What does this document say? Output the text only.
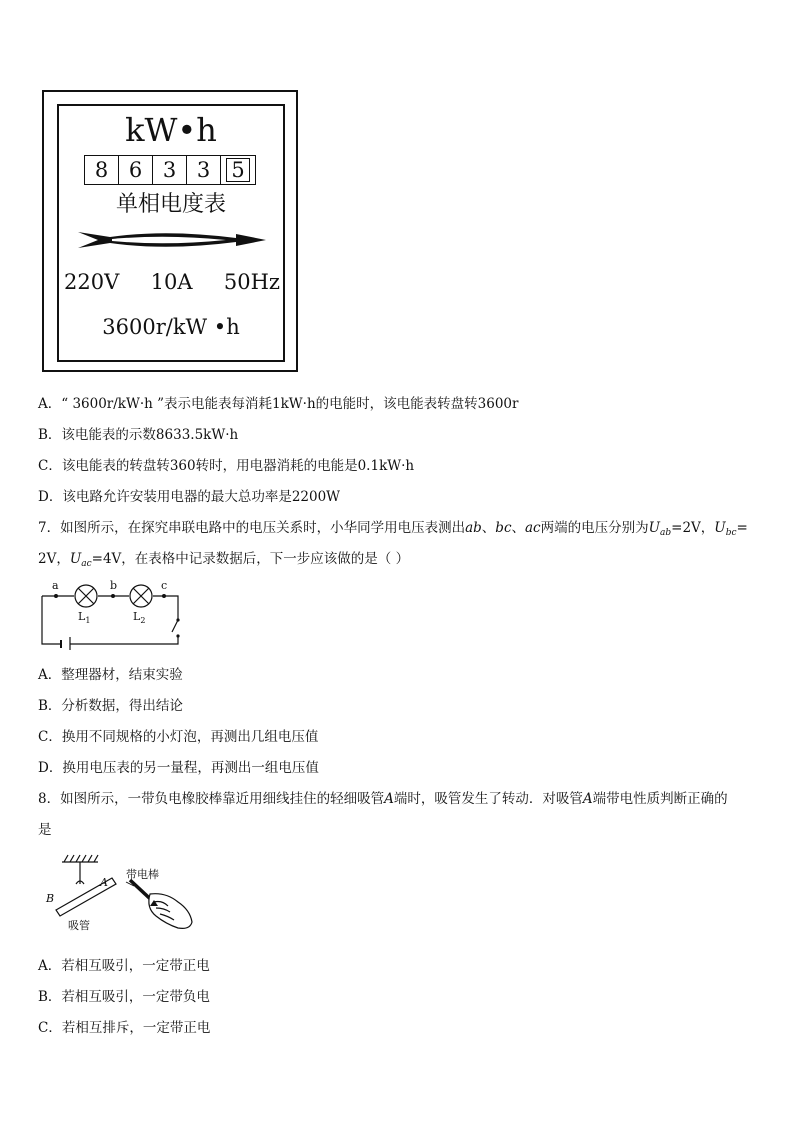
kW•h
8 6 3 3	5
单相电度表
220V 10A 50Hz
3600r/kW •h
A．“ 3600r/kW·h ”表示电能表每消耗1kW·h的电能时，该电能表转盘转3600r
B．该电能表的示数8633.5kW·h
C．该电能表的转盘转360转时，用电器消耗的电能是0.1kW·h
D．该电路允许安装用电器的最大总功率是2200W
7．如图所示，在探究串联电路中的电压关系时，小华同学用电压表测出ab、bc、ac两端的电压分别为$U_{ab}=2V$，$U_{bc}=$
2V，$U_{ac}=4V$，在表格中记录数据后，下一步应该做的是（ ）
a	b	c
$L_1$	$L_2$
A．整理器材，结束实验
B．分析数据，得出结论
C．换用不同规格的小灯泡，再测出几组电压值
D．换用电压表的另一量程，再测出一组电压值
8．如图所示，一带负电橡胶棒靠近用细线挂住的轻细吸管A端时，吸管发生了转动．对吸管A端带电性质判断正确的
是
带电棒
A
B
吸管
A．若相互吸引，一定带正电
B．若相互吸引，一定带负电
C．若相互排斥，一定带正电
